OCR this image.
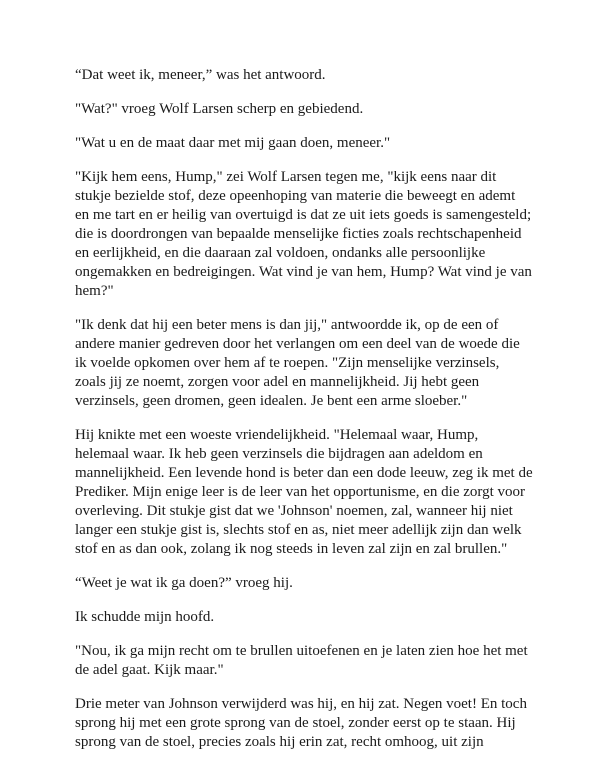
“Dat weet ik, meneer,” was het antwoord.

"Wat?" vroeg Wolf Larsen scherp en gebiedend.

"Wat u en de maat daar met mij gaan doen, meneer."

"Kijk hem eens, Hump," zei Wolf Larsen tegen me, "kijk eens naar dit
stukje bezielde stof, deze opeenhoping van materie die beweegt en ademt
en me tart en er heilig van overtuigd is dat ze uit iets goeds is samengesteld;
die is doordrongen van bepaalde menselijke ficties zoals rechtschapenheid
en eerlijkheid, en die daaraan zal voldoen, ondanks alle persoonlijke
ongemakken en bedreigingen. Wat vind je van hem, Hump? Wat vind je van
hem?"

"Ik denk dat hij een beter mens is dan jij," antwoordde ik, op de een of
andere manier gedreven door het verlangen om een deel van de woede die
ik voelde opkomen over hem af te roepen. "Zijn menselijke verzinsels,
zoals jij ze noemt, zorgen voor adel en mannelijkheid. Jij hebt geen
verzinsels, geen dromen, geen idealen. Je bent een arme sloeber."

Hij knikte met een woeste vriendelijkheid. "Helemaal waar, Hump,
helemaal waar. Ik heb geen verzinsels die bijdragen aan adeldom en
mannelijkheid. Een levende hond is beter dan een dode leeuw, zeg ik met de
Prediker. Mijn enige leer is de leer van het opportunisme, en die zorgt voor
overleving. Dit stukje gist dat we 'Johnson' noemen, zal, wanneer hij niet
langer een stukje gist is, slechts stof en as, niet meer adellijk zijn dan welk
stof en as dan ook, zolang ik nog steeds in leven zal zijn en zal brullen."

“Weet je wat ik ga doen?” vroeg hij.

Ik schudde mijn hoofd.

"Nou, ik ga mijn recht om te brullen uitoefenen en je laten zien hoe het met
de adel gaat. Kijk maar."

Drie meter van Johnson verwijderd was hij, en hij zat. Negen voet! En toch
sprong hij met een grote sprong van de stoel, zonder eerst op te staan. Hij
sprong van de stoel, precies zoals hij erin zat, recht omhoog, uit zijn
